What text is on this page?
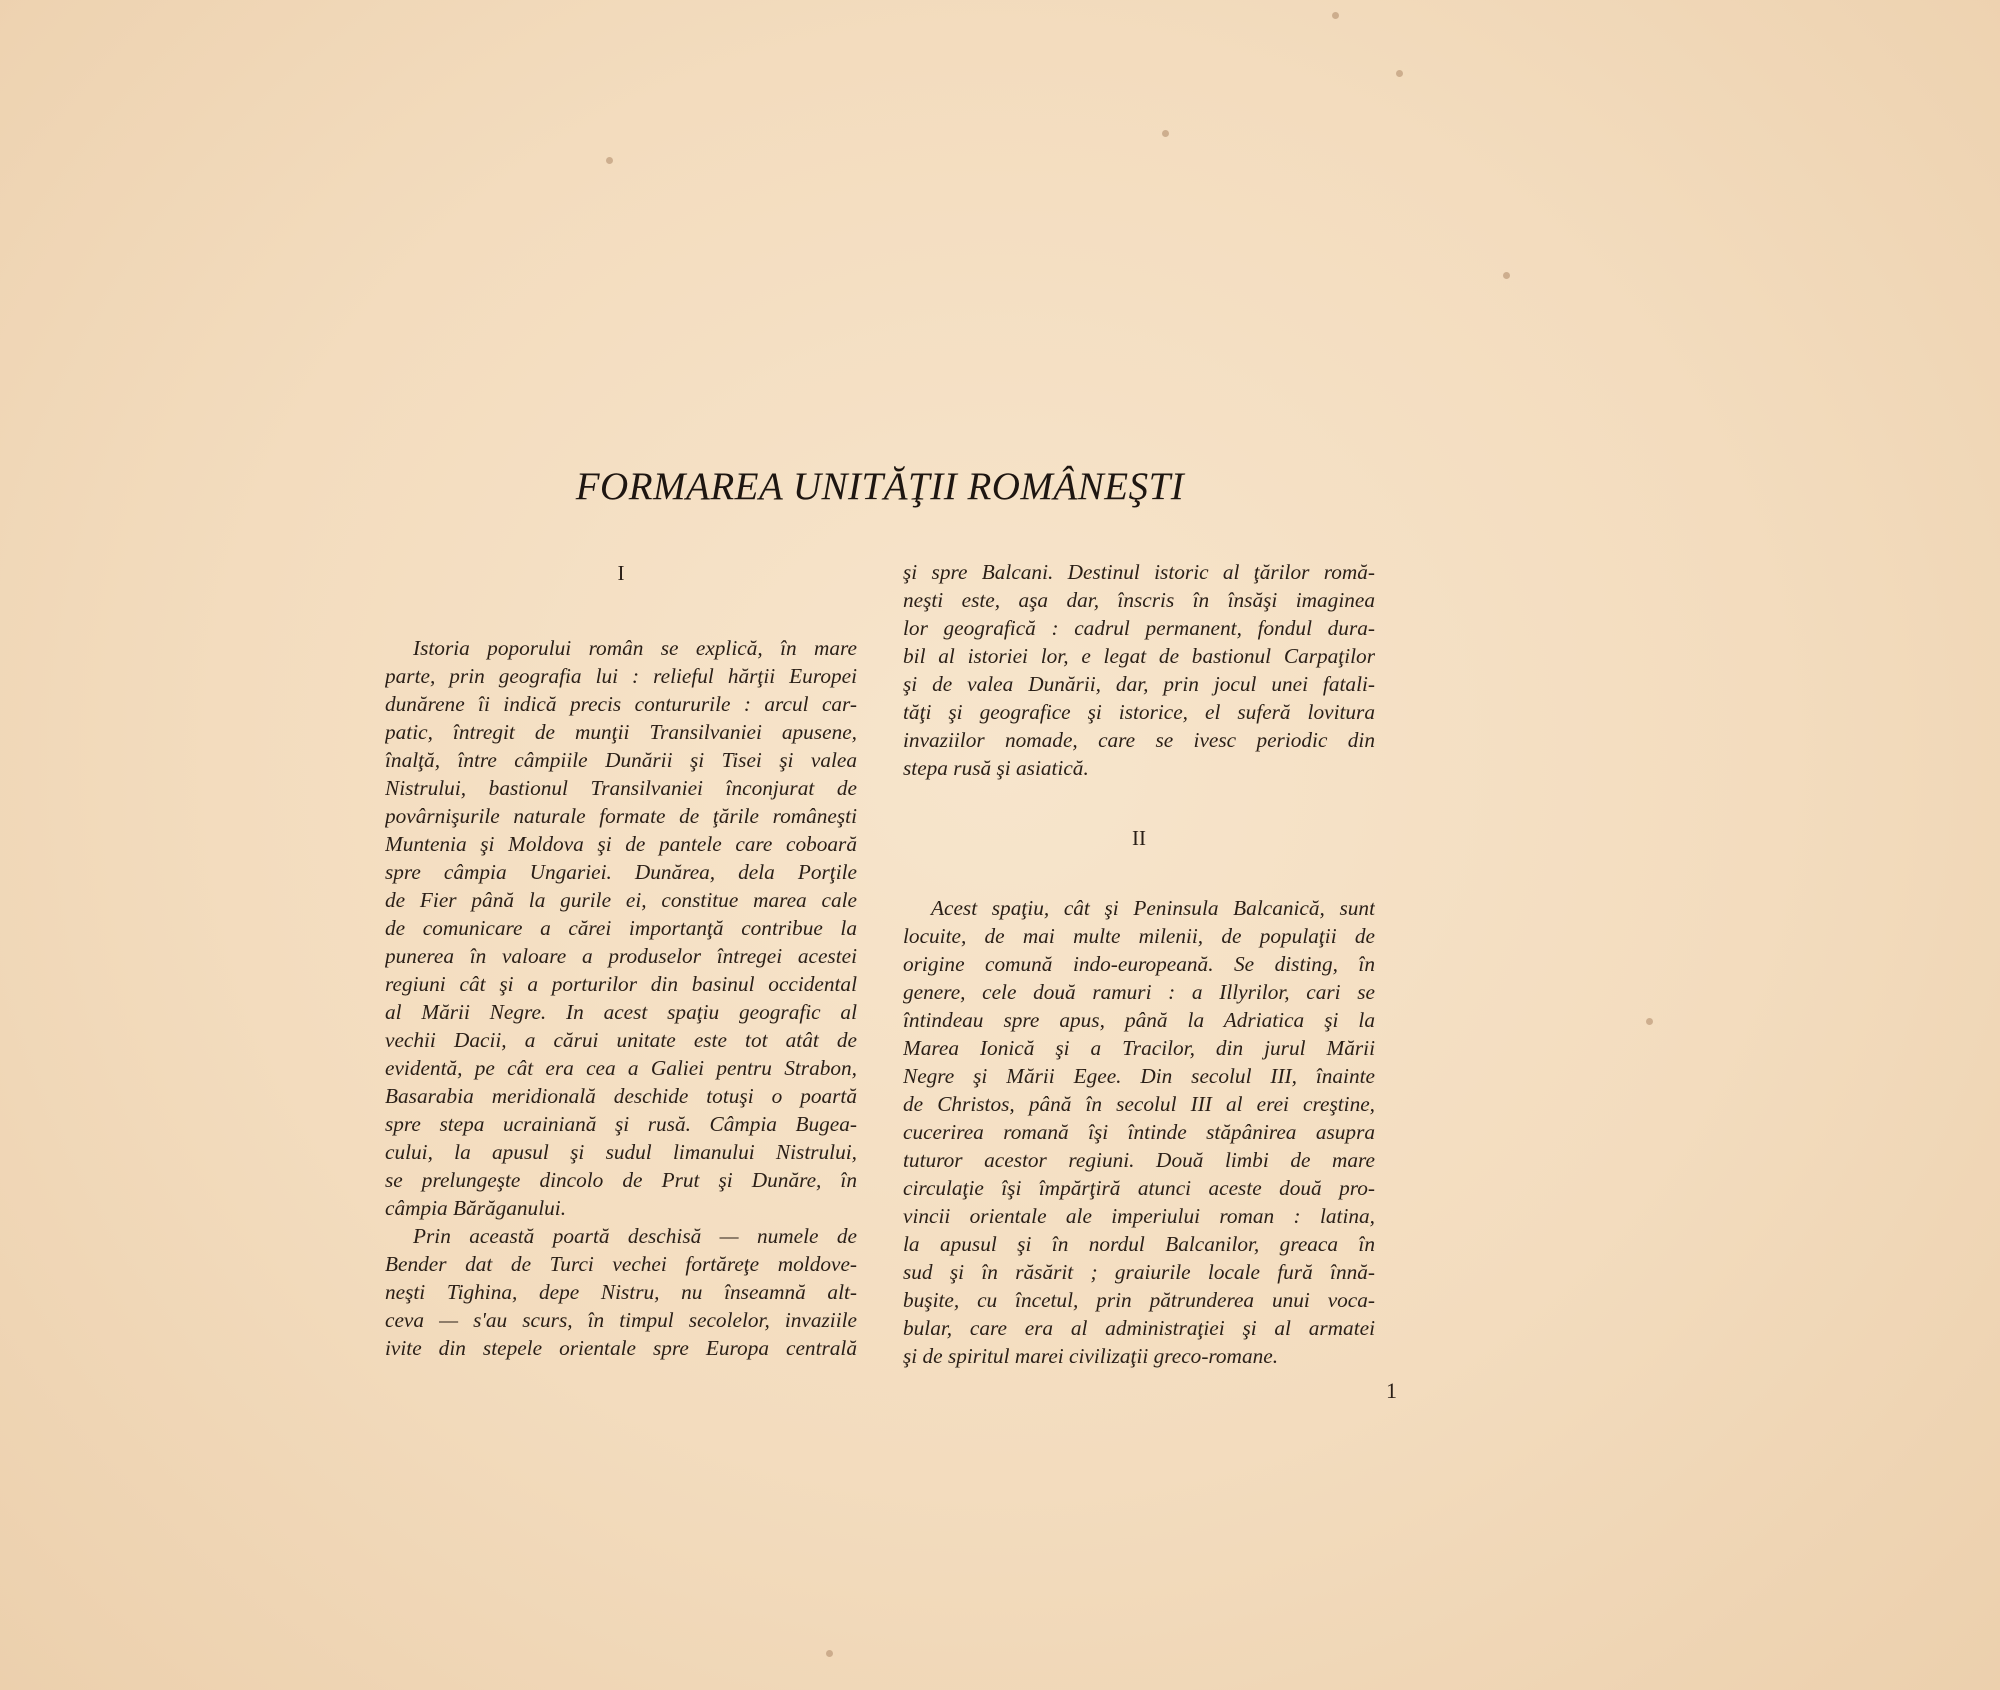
FORMAREA UNITĂŢII ROMÂNEŞTI
I
Istoria poporului român se explică, în mare
parte, prin geografia lui : relieful hărţii Europei
dunărene îi indică precis contururile : arcul car-
patic, întregit de munţii Transilvaniei apusene,
înalţă, între câmpiile Dunării şi Tisei şi valea
Nistrului, bastionul Transilvaniei înconjurat de
povârnişurile naturale formate de ţările româneşti
Muntenia şi Moldova şi de pantele care coboară
spre câmpia Ungariei. Dunărea, dela Porţile
de Fier până la gurile ei, constitue marea cale
de comunicare a cărei importanţă contribue la
punerea în valoare a produselor întregei acestei
regiuni cât şi a porturilor din basinul occidental
al Mării Negre. In acest spaţiu geografic al
vechii Dacii, a cărui unitate este tot atât de
evidentă, pe cât era cea a Galiei pentru Strabon,
Basarabia meridională deschide totuşi o poartă
spre stepa ucrainiană şi rusă. Câmpia Bugea-
cului, la apusul şi sudul limanului Nistrului,
se prelungeşte dincolo de Prut şi Dunăre, în
câmpia Bărăganului.
Prin această poartă deschisă — numele de
Bender dat de Turci vechei fortăreţe moldove-
neşti Tighina, depe Nistru, nu înseamnă alt-
ceva — s'au scurs, în timpul secolelor, invaziile
ivite din stepele orientale spre Europa centrală
şi spre Balcani. Destinul istoric al ţărilor romă-
neşti este, aşa dar, înscris în însăşi imaginea
lor geografică : cadrul permanent, fondul dura-
bil al istoriei lor, e legat de bastionul Carpaţilor
şi de valea Dunării, dar, prin jocul unei fatali-
tăţi şi geografice şi istorice, el suferă lovitura
invaziilor nomade, care se ivesc periodic din
stepa rusă şi asiatică.
II
Acest spaţiu, cât şi Peninsula Balcanică, sunt
locuite, de mai multe milenii, de populaţii de
origine comună indo-europeană. Se disting, în
genere, cele două ramuri : a Illyrilor, cari se
întindeau spre apus, până la Adriatica şi la
Marea Ionică şi a Tracilor, din jurul Mării
Negre şi Mării Egee. Din secolul III, înainte
de Christos, până în secolul III al erei creştine,
cucerirea romană îşi întinde stăpânirea asupra
tuturor acestor regiuni. Două limbi de mare
circulaţie îşi împărţiră atunci aceste două pro-
vincii orientale ale imperiului roman : latina,
la apusul şi în nordul Balcanilor, greaca în
sud şi în răsărit ; graiurile locale fură înnă-
buşite, cu încetul, prin pătrunderea unui voca-
bular, care era al administraţiei şi al armatei
şi de spiritul marei civilizaţii greco-romane.
1
